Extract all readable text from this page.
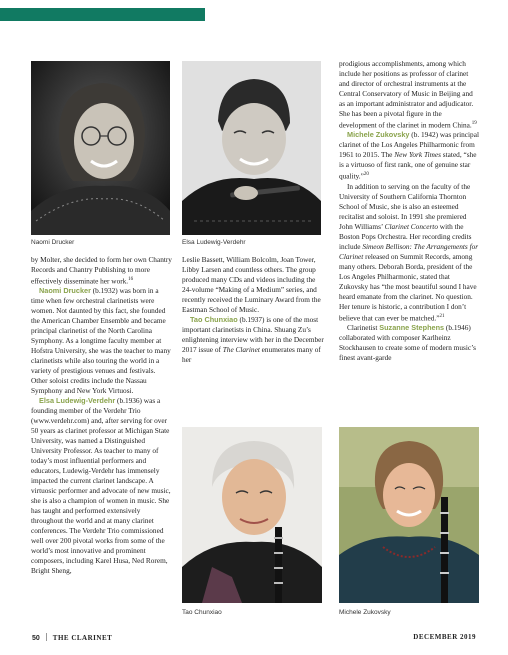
Naomi Drucker	Elsa Ludewig-Verdehr

prodigious accomplishments, among which include her positions as professor of clarinet and director of orchestral instruments at the Central Conservatory of Music in Beijing and as an important administrator and adjudicator. She has been a pivotal figure in the development of the clarinet in modern China.$^{19}$

Michele Zukovsky (b. 1942) was principal clarinet of the Los Angeles Philharmonic from 1961 to 2015. The New York Times stated, “she is a virtuoso of first rank, one of genuine star quality.”$^{20}$

In addition to serving on the faculty of the University of Southern California Thornton School of Music, she is also an esteemed recitalist and soloist. In 1991 she premiered John Williams’ Clarinet Concerto with the Boston Pops Orchestra. Her recording credits include Simeon Bellison: The Arrangements for Clarinet released on Summit Records, among many others. Deborah Borda, president of the Los Angeles Philharmonic, stated that Zukovsky has “the most beautiful sound I have heard emanate from the clarinet. No question. Her tenure is historic, a contribution I don’t believe that can ever be matched.”$^{21}$

Clarinetist Suzanne Stephens (b.1946) collaborated with composer Karlheinz Stockhausen to create some of modern music’s finest avant-garde

by Molter, she decided to form her own Chantry Records and Chantry Publishing to more effectively disseminate her work.$^{16}$

Naomi Drucker (b.1932) was born in a time when few orchestral clarinetists were women. Not daunted by this fact, she founded the American Chamber Ensemble and became principal clarinetist of the North Carolina Symphony. As a longtime faculty member at Hofstra University, she was the teacher to many clarinetists while also touring the world in a variety of prestigious venues and festivals. Other soloist credits include the Nassau Symphony and New York Virtuosi.

Elsa Ludewig-Verdehr (b.1936) was a founding member of the Verdehr Trio (www.verdehr.com) and, after serving for over 50 years as clarinet professor at Michigan State University, was named a Distinguished University Professor. As teacher to many of today’s most influential performers and educators, Ludewig-Verdehr has immensely impacted the current clarinet landscape. A virtuosic performer and advocate of new music, she is also a champion of women in music. She has taught and performed extensively throughout the world and at many clarinet conferences. The Verdehr Trio commissioned well over 200 pivotal works from some of the world’s most innovative and prominent composers, including Karel Husa, Ned Rorem, Bright Sheng,

Leslie Bassett, William Bolcolm, Joan Tower, Libby Larsen and countless others. The group produced many CDs and videos including the 24-volume “Making of a Medium” series, and recently received the Luminary Award from the Eastman School of Music.

Tao Chunxiao (b.1937) is one of the most important clarinetists in China. Shuang Zu’s enlightening interview with her in the December 2017 issue of The Clarinet enumerates many of her

Tao Chunxiao	Michele Zukovsky
50 THE CLARINET	DECEMBER 2019
